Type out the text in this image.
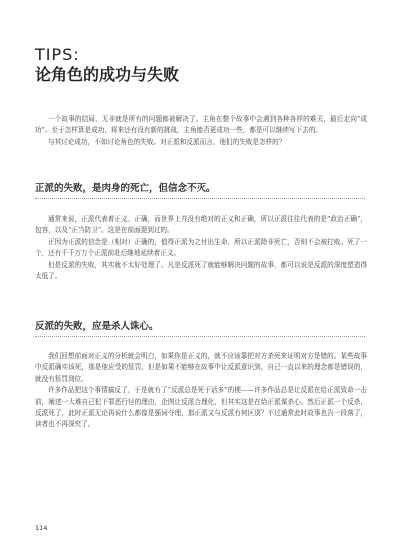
TIPS:
论角色的成功与失败

一个故事的结局，无非就是所有的问题都被解决了。主角在整个故事中会遇到各种各样的难关，最后走向“成功”。至于怎样算是成功，将来还有没有新的挑战，主角能否更成功一些，都是可以继续写下去的。

与其讨论成功，不如讨论角色的失败。对正派和反派而言，他们的失败是怎样的？

正派的失败，是肉身的死亡，但信念不灭。

通常来说，正派代表着正义、正确，而世界上并没有绝对的正义和正确，所以正派往往代表的是“政治正确”，包容，以及“正当防卫”。这是在前面提到过的。

正因为正派的信念是（相对）正确的，值得正派为之付出生命，所以正派除非死亡，否则不会被打败。死了一个，还有千千万万个正派前赴后继地延续着正义。

但是反派的失败，其实就不太好处理了。凡是反派死了就能够解决问题的故事，都可以说是反派的深度塑造得太低了。

反派的失败，应是杀人诛心。

我们回想前面对正义的分析就会明白，如果你是正义的，就不应该靠把对方杀死来证明对方是错的。某些故事中反派确实该死，那是他应受的惩罚，但是如果不能够在故事中让反派意识到，自己一直以来的理念都是错误的，就没有惩罚到位。

许多作品把这个事情搞反了，于是就有了“反派总是死于话多”的梗——许多作品总是让反派在给正派致命一击前，阐述一大堆自己犯下罪恶行径的理由，企图让反派合理化，但其实这是在给正派谋杀心。然后正派一个反杀，反派死了，此时正派无论再说什么都像是强词夺理，那正派又与反派有何区别？不过通常此时故事也告一段落了，读者也不再深究了。

114
